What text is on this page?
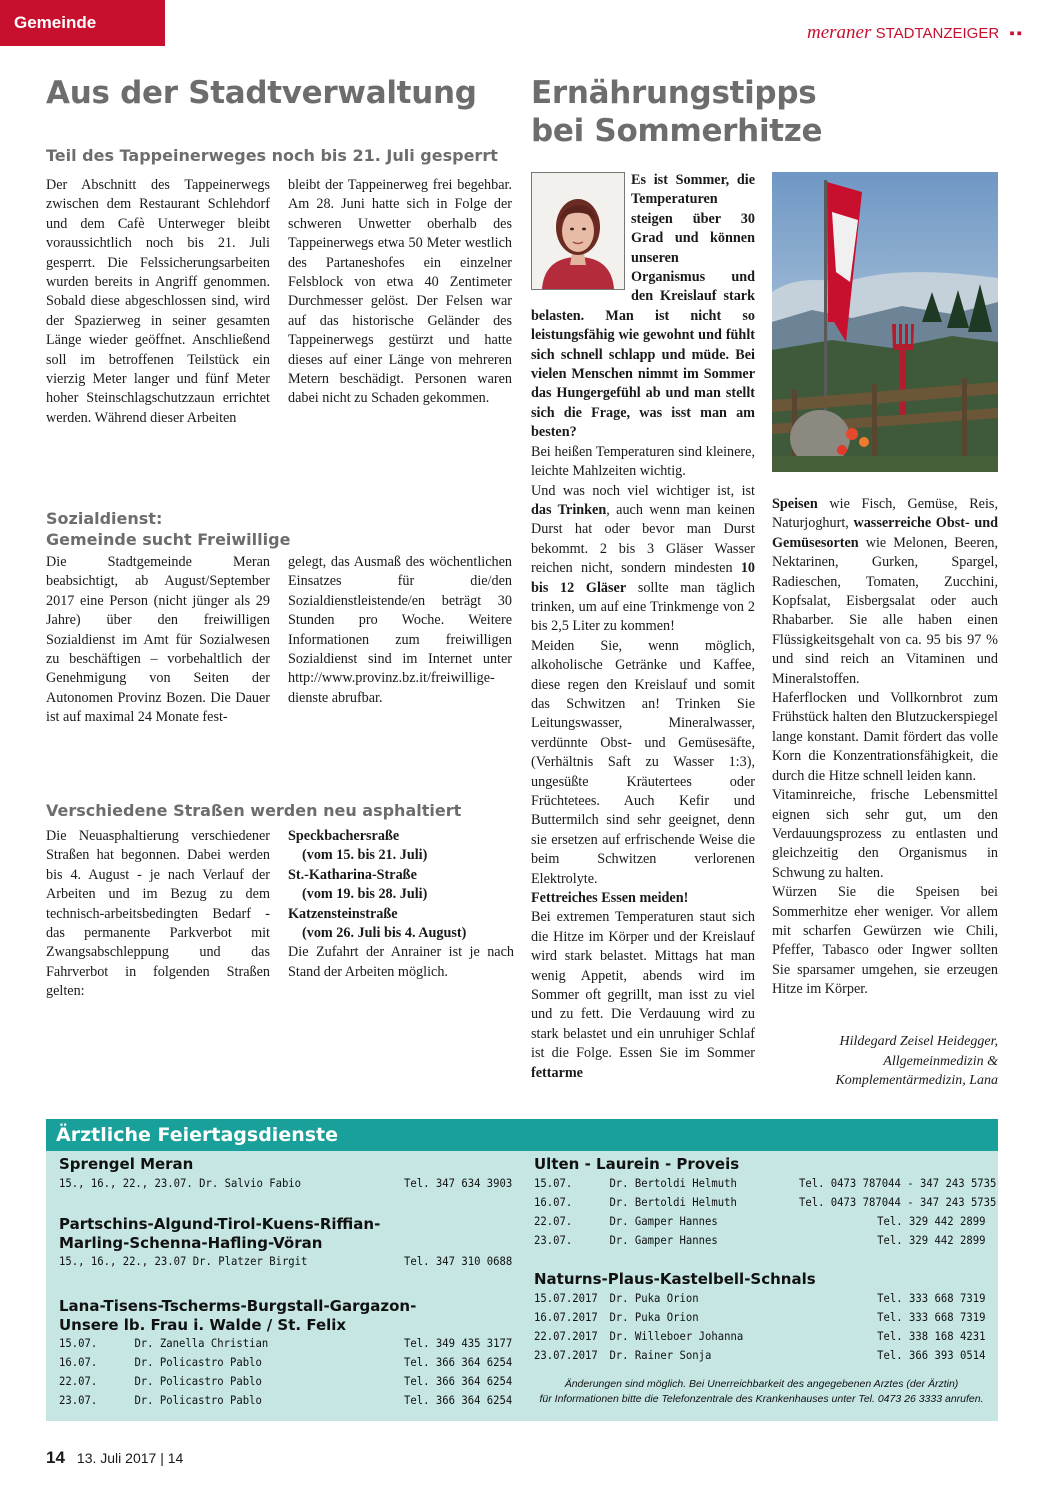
Gemeinde	meraner STADTANZEIGER ▪▪
Aus der Stadtverwaltung
Teil des Tappeinerweges noch bis 21. Juli gesperrt

Der Abschnitt des Tappeinerwegs zwischen dem Restaurant Schlehdorf und dem Cafè Unterweger bleibt voraussichtlich noch bis 21. Juli gesperrt. Die Felssicherungsarbeiten wurden bereits in Angriff genommen. Sobald diese abgeschlossen sind, wird der Spazierweg in seiner gesamten Länge wieder geöffnet. Anschließend soll im betroffenen Teilstück ein vierzig Meter langer und fünf Meter hoher Steinschlagschutzzaun errichtet werden. Während dieser Arbeiten

bleibt der Tappeinerweg frei begehbar. Am 28. Juni hatte sich in Folge der schweren Unwetter oberhalb des Tappeinerwegs etwa 50 Meter westlich des Partaneshofes ein einzelner Felsblock von etwa 40 Zentimeter Durchmesser gelöst. Der Felsen war auf das historische Geländer des Tappeinerwegs gestürzt und hatte dieses auf einer Länge von mehreren Metern beschädigt. Personen waren dabei nicht zu Schaden gekommen.

Sozialdienst:
Gemeinde sucht Freiwillige

Die Stadtgemeinde Meran beabsichtigt, ab August/September 2017 eine Person (nicht jünger als 29 Jahre) über den freiwilligen Sozialdienst im Amt für Sozialwesen zu beschäftigen – vorbehaltlich der Genehmigung von Seiten der Autonomen Provinz Bozen. Die Dauer ist auf maximal 24 Monate fest-

gelegt, das Ausmaß des wöchentlichen Einsatzes für die/den Sozialdienstleistende/en beträgt 30 Stunden pro Woche. Weitere Informationen zum freiwilligen Sozialdienst sind im Internet unter http://www.provinz.bz.it/freiwillige-dienste abrufbar.

Verschiedene Straßen werden neu asphaltiert

Die Neuasphaltierung verschiedener Straßen hat begonnen. Dabei werden bis 4. August - je nach Verlauf der Arbeiten und im Bezug zu dem technisch-arbeitsbedingten Bedarf - das permanente Parkverbot mit Zwangsabschleppung und das Fahrverbot in folgenden Straßen gelten:

Speckbachersraße
(vom 15. bis 21. Juli)
St.-Katharina-Straße
(vom 19. bis 28. Juli)
Katzensteinstraße
(vom 26. Juli bis 4. August)

Die Zufahrt der Anrainer ist je nach Stand der Arbeiten möglich.

Ernährungstipps
bei Sommerhitze

Es ist Sommer, die Temperaturen steigen über 30 Grad und können unseren Organismus und den Kreislauf stark belasten. Man ist nicht so leistungsfähig wie gewohnt und fühlt sich schnell schlapp und müde. Bei vielen Menschen nimmt im Sommer das Hungergefühl ab und man stellt sich die Frage, was isst man am besten?

Bei heißen Temperaturen sind kleinere, leichte Mahlzeiten wichtig.

Und was noch viel wichtiger ist, ist das Trinken, auch wenn man keinen Durst hat oder bevor man Durst bekommt. 2 bis 3 Gläser Wasser reichen nicht, sondern mindesten 10 bis 12 Gläser sollte man täglich trinken, um auf eine Trinkmenge von 2 bis 2,5 Liter zu kommen!

Meiden Sie, wenn möglich, alkoholische Getränke und Kaffee, diese regen den Kreislauf und somit das Schwitzen an! Trinken Sie Leitungswasser, Mineralwasser, verdünnte Obst- und Gemüsesäfte, (Verhältnis Saft zu Wasser 1:3), ungesüßte Kräutertees oder Früchtetees. Auch Kefir und Buttermilch sind sehr geeignet, denn sie ersetzen auf erfrischende Weise die beim Schwitzen verlorenen Elektrolyte.

Fettreiches Essen meiden!

Bei extremen Temperaturen staut sich die Hitze im Körper und der Kreislauf wird stark belastet. Mittags hat man wenig Appetit, abends wird im Sommer oft gegrillt, man isst zu viel und zu fett. Die Verdauung wird zu stark belastet und ein unruhiger Schlaf ist die Folge. Essen Sie im Sommer fettarme

Speisen wie Fisch, Gemüse, Reis, Naturjoghurt, wasserreiche Obst- und Gemüsesorten wie Melonen, Beeren, Nektarinen, Gurken, Spargel, Radieschen, Tomaten, Zucchini, Kopfsalat, Eisbergsalat oder auch Rhabarber. Sie alle haben einen Flüssigkeitsgehalt von ca. 95 bis 97 % und sind reich an Vitaminen und Mineralstoffen.

Haferflocken und Vollkornbrot zum Frühstück halten den Blutzuckerspiegel lange konstant. Damit fördert das volle Korn die Konzentrationsfähigkeit, die durch die Hitze schnell leiden kann.

Vitaminreiche, frische Lebensmittel eignen sich sehr gut, um den Verdauungsprozess zu entlasten und gleichzeitig den Organismus in Schwung zu halten.

Würzen Sie die Speisen bei Sommerhitze eher weniger. Vor allem mit scharfen Gewürzen wie Chili, Pfeffer, Tabasco oder Ingwer sollten Sie sparsamer umgehen, sie erzeugen Hitze im Körper.

Hildegard Zeisel Heidegger,
Allgemeinmedizin &
Komplementärmedizin, Lana
Ärztliche Feiertagsdienste
Sprengel Meran
15., 16., 22., 23.07. Dr. Salvio Fabio	Tel. 347 634 3903
Partschins-Algund-Tirol-Kuens-Riffian-
Marling-Schenna-Hafling-Vöran
15., 16., 22., 23.07 Dr. Platzer Birgit	Tel. 347 310 0688
Lana-Tisens-Tscherms-Burgstall-Gargazon-
Unsere lb. Frau i. Walde / St. Felix
15.07.	Dr. Zanella Christian	Tel. 349 435 3177
16.07.	Dr. Policastro Pablo	Tel. 366 364 6254
22.07.	Dr. Policastro Pablo	Tel. 366 364 6254
23.07.	Dr. Policastro Pablo	Tel. 366 364 6254
Ulten - Laurein - Proveis
15.07.	Dr. Bertoldi Helmuth	Tel. 0473 787044 - 347 243 5735
16.07.	Dr. Bertoldi Helmuth	Tel. 0473 787044 - 347 243 5735
22.07.	Dr. Gamper Hannes	Tel. 329 442 2899
23.07.	Dr. Gamper Hannes	Tel. 329 442 2899
Naturns-Plaus-Kastelbell-Schnals
15.07.2017 Dr. Puka Orion	Tel. 333 668 7319
16.07.2017 Dr. Puka Orion	Tel. 333 668 7319
22.07.2017 Dr. Willeboer Johanna	Tel. 338 168 4231
23.07.2017 Dr. Rainer Sonja	Tel. 366 393 0514
Änderungen sind möglich. Bei Unerreichbarkeit des angegebenen Arztes (der Ärztin)
für Informationen bitte die Telefonzentrale des Krankenhauses unter Tel. 0473 26 3333 anrufen.
14 13. Juli 2017 | 14
